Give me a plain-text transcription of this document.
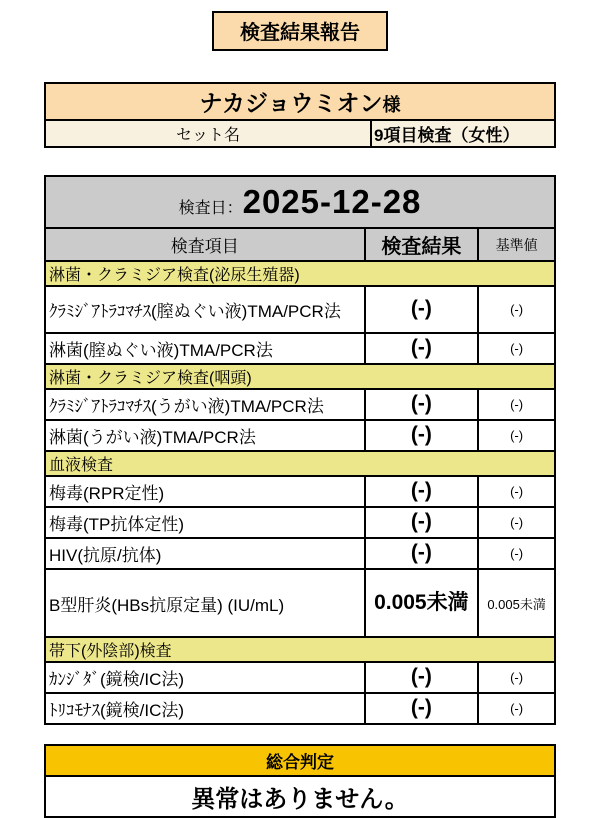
検査結果報告
ナカジョウミオン様
セット名	9項目検査（女性）
検査日：2025-12-28		
検査項目	検査結果	基準値
淋菌・クラミジア検査(泌尿生殖器)		
ｸﾗﾐｼﾞｱﾄﾗｺﾏﾁｽ(膣ぬぐい液)TMA/PCR法	(-)	(-)
淋菌(膣ぬぐい液)TMA/PCR法	(-)	(-)
淋菌・クラミジア検査(咽頭)		
ｸﾗﾐｼﾞｱﾄﾗｺﾏﾁｽ(うがい液)TMA/PCR法	(-)	(-)
淋菌(うがい液)TMA/PCR法	(-)	(-)
血液検査		
梅毒(RPR定性)	(-)	(-)
梅毒(TP抗体定性)	(-)	(-)
HIV(抗原/抗体)	(-)	(-)
B型肝炎(HBs抗原定量) (IU/mL)	0.005未満	0.005未満
帯下(外陰部)検査		
ｶﾝｼﾞﾀﾞ(鏡検/IC法)	(-)	(-)
ﾄﾘｺﾓﾅｽ(鏡検/IC法)	(-)	(-)
総合判定
異常はありません。
